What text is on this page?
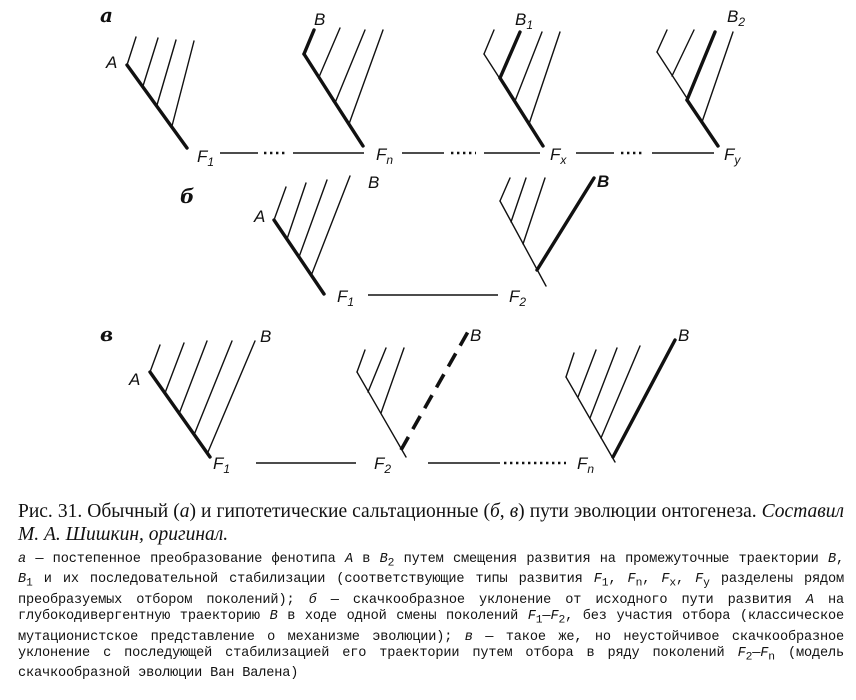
а
A
$F_1$
B
$F_n$
$B_1$
$F_x$
$B_2$
$F_y$
б
A
B
$F_1$
B
$F_2$
в
A
B
$F_1$
B
$F_2$
B
$F_n$

Рис. 31. Обычный (а) и гипотетические сальтационные (б, в) пути эволюции онтогенеза. Составил М. А. Шишкин, оригинал.

а — постепенное преобразование фенотипа A в $B_2$ путем смещения развития на промежуточные траектории B, $B_1$ и их последовательной стабилизации (соответствующие типы развития $F_1$, $F_n$, $F_x$, $F_y$ разделены рядом преобразуемых отбором поколений); б — скачкообразное уклонение от исходного пути развития A на глубокодивергентную траекторию B в ходе одной смены поколений $F_1—F_2$, без участия отбора (классическое мутационистское представление о механизме эволюции); в — такое же, но неустойчивое скачкообразное уклонение с последующей стабилизацией его траектории путем отбора в ряду поколений $F_2—F_n$ (модель скачкообразной эволюции Ван Валена)
